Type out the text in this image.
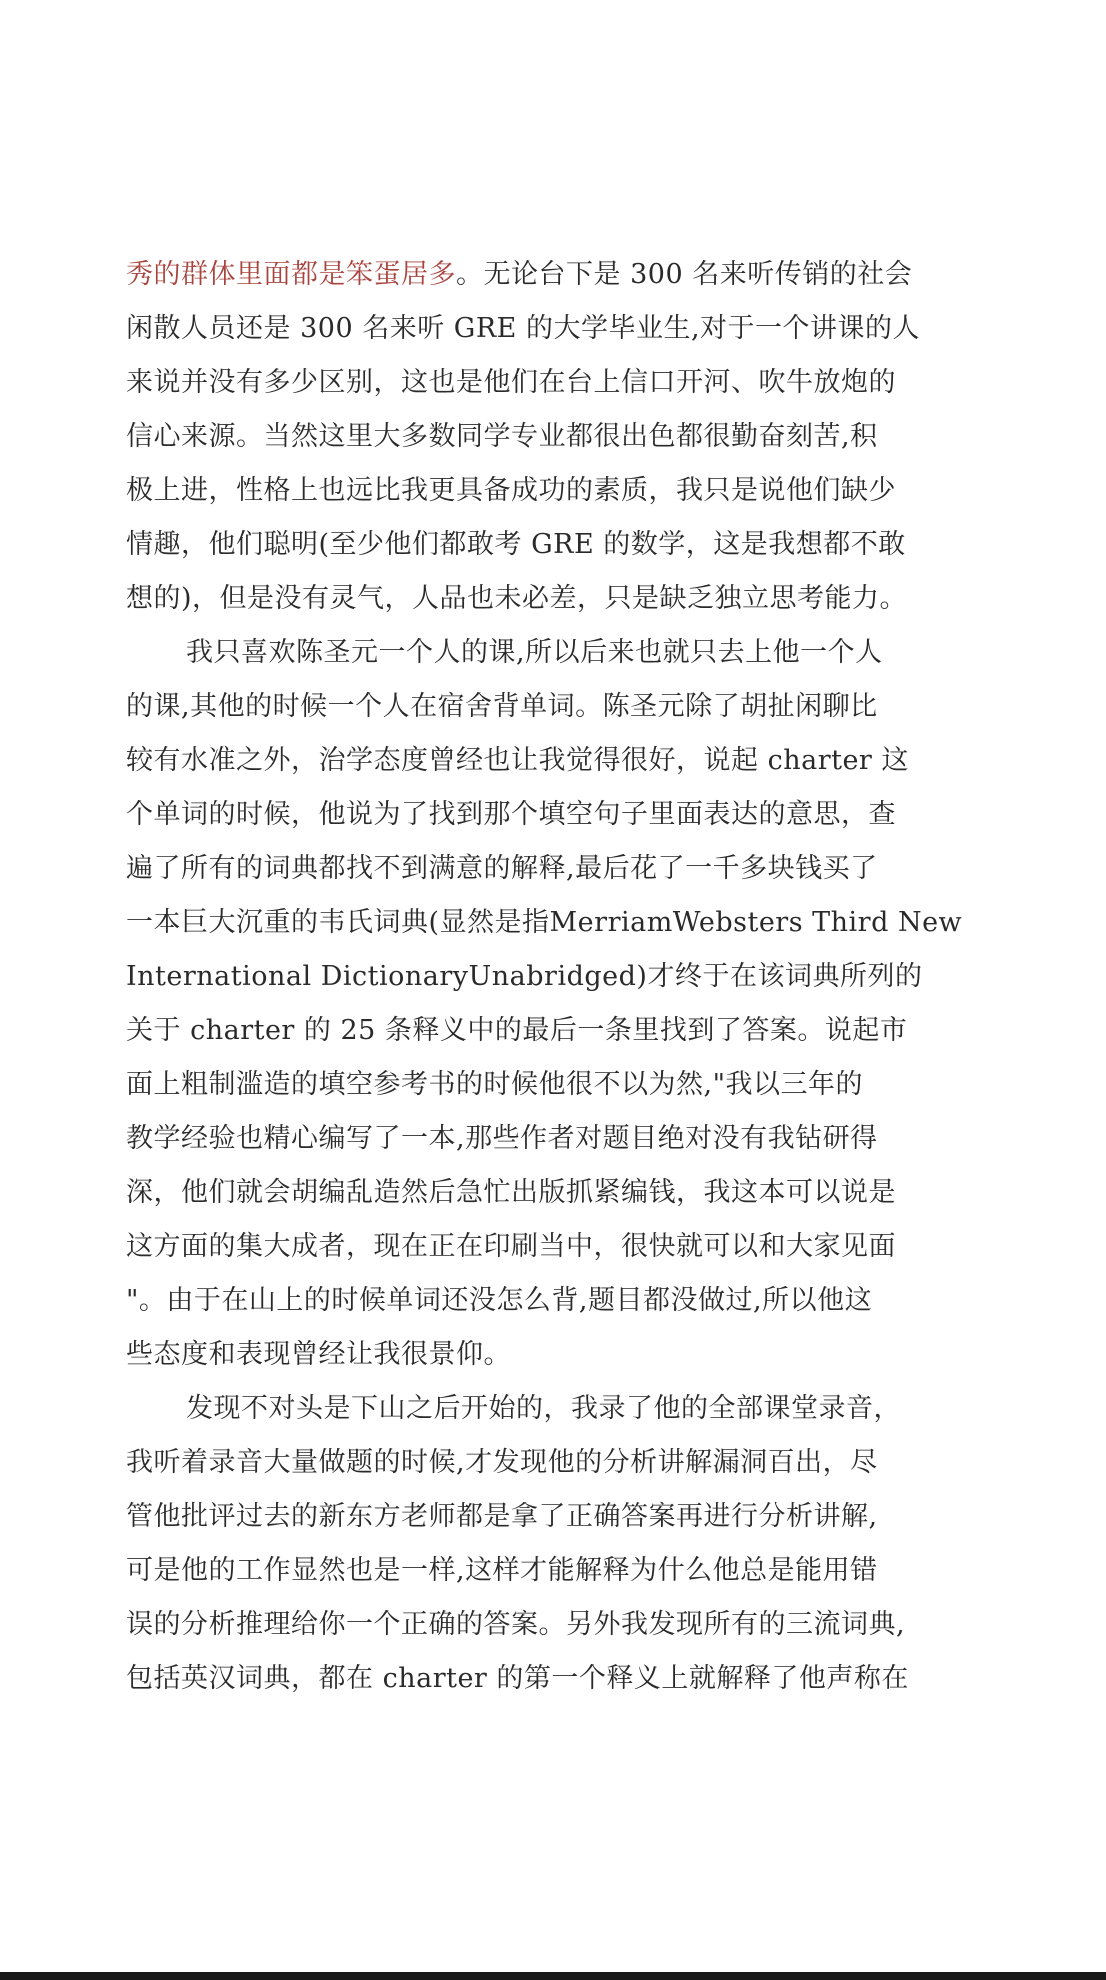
秀的群体里面都是笨蛋居多。无论台下是 300 名来听传销的社会
闲散人员还是 300 名来听 GRE 的大学毕业生,对于一个讲课的人
来说并没有多少区别，这也是他们在台上信口开河、吹牛放炮的
信心来源。当然这里大多数同学专业都很出色都很勤奋刻苦,积
极上进，性格上也远比我更具备成功的素质，我只是说他们缺少
情趣，他们聪明(至少他们都敢考 GRE 的数学，这是我想都不敢
想的)，但是没有灵气，人品也未必差，只是缺乏独立思考能力。
我只喜欢陈圣元一个人的课,所以后来也就只去上他一个人
的课,其他的时候一个人在宿舍背单词。陈圣元除了胡扯闲聊比
较有水准之外，治学态度曾经也让我觉得很好，说起 charter 这
个单词的时候，他说为了找到那个填空句子里面表达的意思，查
遍了所有的词典都找不到满意的解释,最后花了一千多块钱买了
一本巨大沉重的韦氏词典(显然是指MerriamWebsters Third New
International DictionaryUnabridged)才终于在该词典所列的
关于 charter 的 25 条释义中的最后一条里找到了答案。说起市
面上粗制滥造的填空参考书的时候他很不以为然,"我以三年的
教学经验也精心编写了一本,那些作者对题目绝对没有我钻研得
深，他们就会胡编乱造然后急忙出版抓紧编钱，我这本可以说是
这方面的集大成者，现在正在印刷当中，很快就可以和大家见面
"。由于在山上的时候单词还没怎么背,题目都没做过,所以他这
些态度和表现曾经让我很景仰。
发现不对头是下山之后开始的，我录了他的全部课堂录音，
我听着录音大量做题的时候,才发现他的分析讲解漏洞百出，尽
管他批评过去的新东方老师都是拿了正确答案再进行分析讲解,
可是他的工作显然也是一样,这样才能解释为什么他总是能用错
误的分析推理给你一个正确的答案。另外我发现所有的三流词典,
包括英汉词典，都在 charter 的第一个释义上就解释了他声称在
